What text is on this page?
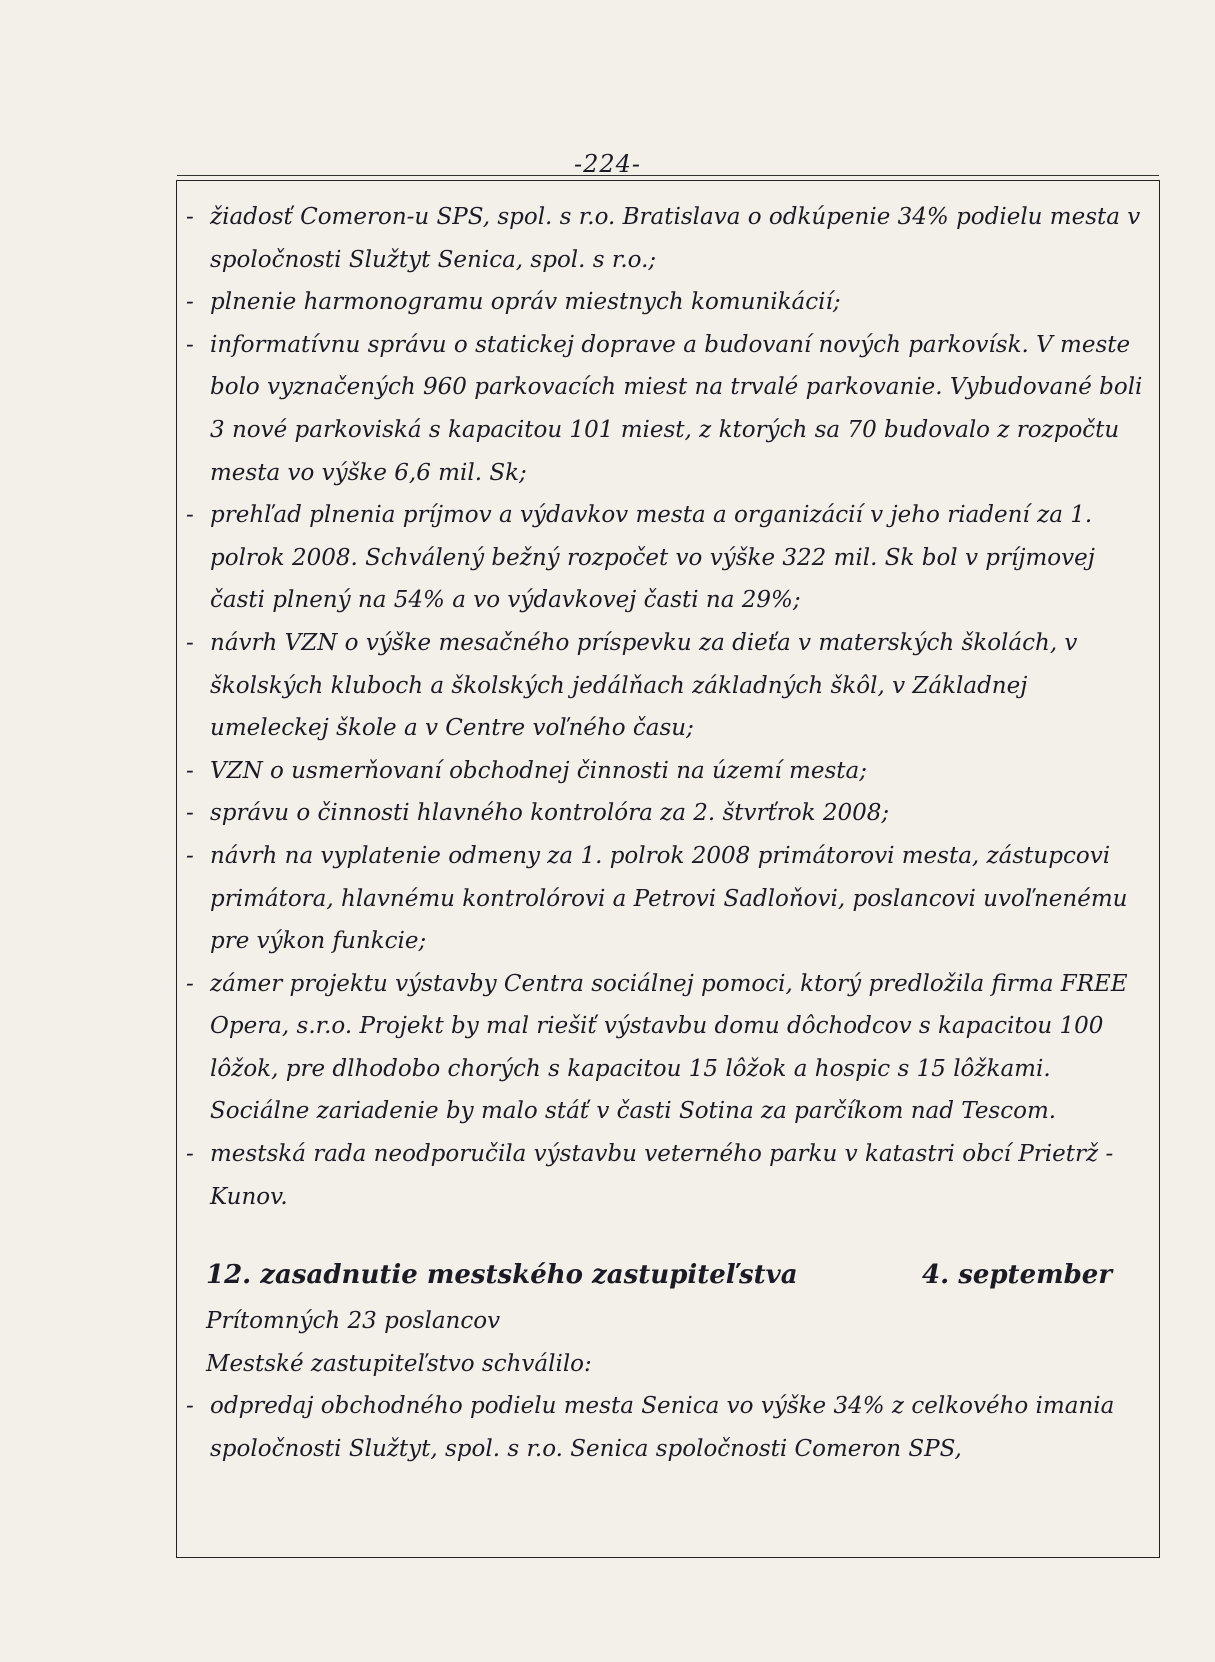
-224-
- žiadosť Comeron-u SPS, spol. s r.o. Bratislava o odkúpenie 34% podielu mesta v spoločnosti Služtyt Senica, spol. s r.o.;
- plnenie harmonogramu opráv miestnych komunikácií;
- informatívnu správu o statickej doprave a budovaní nových parkovísk. V meste bolo vyznačených 960 parkovacích miest na trvalé parkovanie. Vybudované boli 3 nové parkoviská s kapacitou 101 miest, z ktorých sa 70 budovalo z rozpočtu mesta vo výške 6,6 mil. Sk;
- prehľad plnenia príjmov a výdavkov mesta a organizácií v jeho riadení za 1. polrok 2008. Schválený bežný rozpočet vo výške 322 mil. Sk bol v príjmovej časti plnený na 54% a vo výdavkovej časti na 29%;
- návrh VZN o výške mesačného príspevku za dieťa v materských školách, v školských kluboch a školských jedálňach základných škôl, v Základnej umeleckej škole a v Centre voľného času;
- VZN o usmerňovaní obchodnej činnosti na území mesta;
- správu o činnosti hlavného kontrolóra za 2. štvrťrok 2008;
- návrh na vyplatenie odmeny za 1. polrok 2008 primátorovi mesta, zástupcovi primátora, hlavnému kontrolórovi a Petrovi Sadloňovi, poslancovi uvoľnenému pre výkon funkcie;
- zámer projektu výstavby Centra sociálnej pomoci, ktorý predložila firma FREE Opera, s.r.o. Projekt by mal riešiť výstavbu domu dôchodcov s kapacitou 100 lôžok, pre dlhodobo chorých s kapacitou 15 lôžok a hospic s 15 lôžkami. Sociálne zariadenie by malo stáť v časti Sotina za parčíkom nad Tescom.
- mestská rada neodporučila výstavbu veterného parku v katastri obcí Prietrž - Kunov.
12. zasadnutie mestského zastupiteľstva	4. september
Prítomných 23 poslancov
Mestské zastupiteľstvo schválilo:
- odpredaj obchodného podielu mesta Senica vo výške 34% z celkového imania spoločnosti Služtyt, spol. s r.o. Senica spoločnosti Comeron SPS,
